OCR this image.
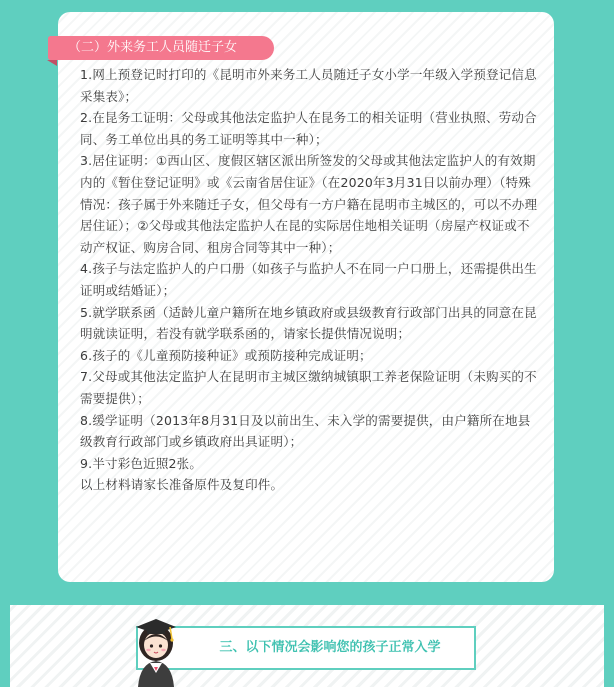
（二）外来务工人员随迁子女

1.网上预登记时打印的《昆明市外来务工人员随迁子女小学一年级入学预登记信息采集表》；

2.在昆务工证明：父母或其他法定监护人在昆务工的相关证明（营业执照、劳动合同、务工单位出具的务工证明等其中一种）；

3.居住证明：①西山区、度假区辖区派出所签发的父母或其他法定监护人的有效期内的《暂住登记证明》或《云南省居住证》（在2020年3月31日以前办理）（特殊情况：孩子属于外来随迁子女，但父母有一方户籍在昆明市主城区的，可以不办理居住证）；②父母或其他法定监护人在昆的实际居住地相关证明（房屋产权证或不动产权证、购房合同、租房合同等其中一种）；

4.孩子与法定监护人的户口册（如孩子与监护人不在同一户口册上，还需提供出生证明或结婚证）；

5.就学联系函（适龄儿童户籍所在地乡镇政府或县级教育行政部门出具的同意在昆明就读证明，若没有就学联系函的，请家长提供情况说明；

6.孩子的《儿童预防接种证》或预防接种完成证明；

7.父母或其他法定监护人在昆明市主城区缴纳城镇职工养老保险证明（未购买的不需要提供）；

8.缓学证明（2013年8月31日及以前出生、未入学的需要提供，由户籍所在地县级教育行政部门或乡镇政府出具证明）；

9.半寸彩色近照2张。

以上材料请家长准备原件及复印件。

三、以下情况会影响您的孩子正常入学
